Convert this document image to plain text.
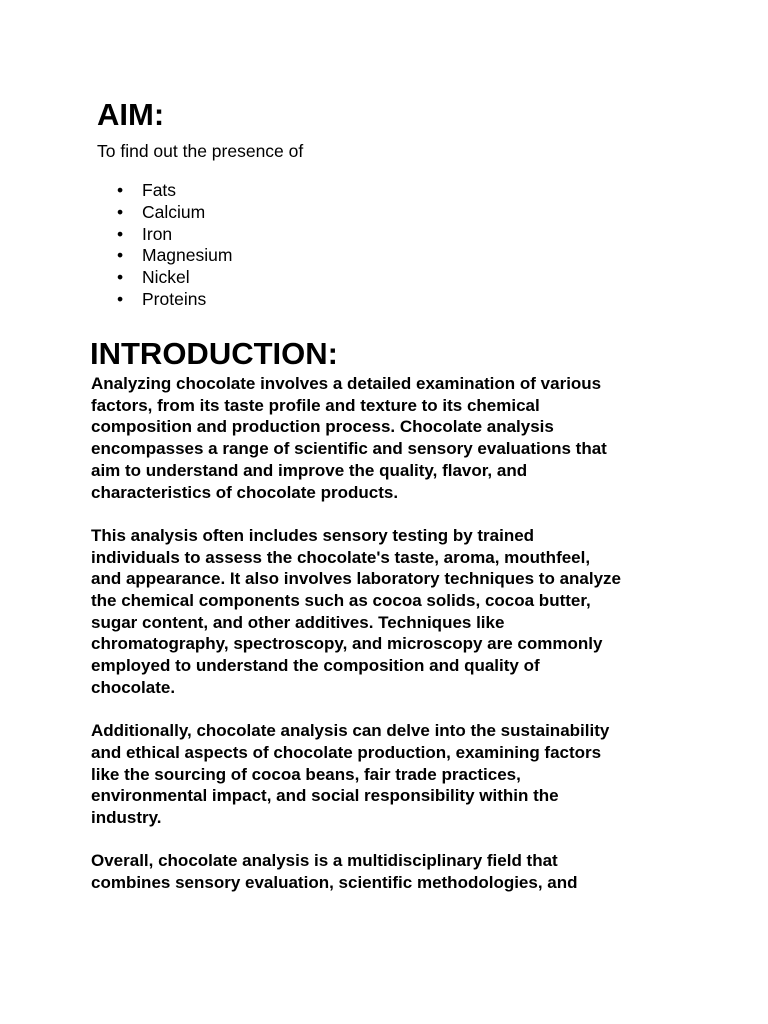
AIM:

To find out the presence of

• Fats
• Calcium
• Iron
• Magnesium
• Nickel
• Proteins
INTRODUCTION:

Analyzing chocolate involves a detailed examination of various
factors, from its taste profile and texture to its chemical
composition and production process. Chocolate analysis
encompasses a range of scientific and sensory evaluations that
aim to understand and improve the quality, flavor, and
characteristics of chocolate products.

This analysis often includes sensory testing by trained
individuals to assess the chocolate's taste, aroma, mouthfeel,
and appearance. It also involves laboratory techniques to analyze
the chemical components such as cocoa solids, cocoa butter,
sugar content, and other additives. Techniques like
chromatography, spectroscopy, and microscopy are commonly
employed to understand the composition and quality of
chocolate.

Additionally, chocolate analysis can delve into the sustainability
and ethical aspects of chocolate production, examining factors
like the sourcing of cocoa beans, fair trade practices,
environmental impact, and social responsibility within the
industry.

Overall, chocolate analysis is a multidisciplinary field that
combines sensory evaluation, scientific methodologies, and
